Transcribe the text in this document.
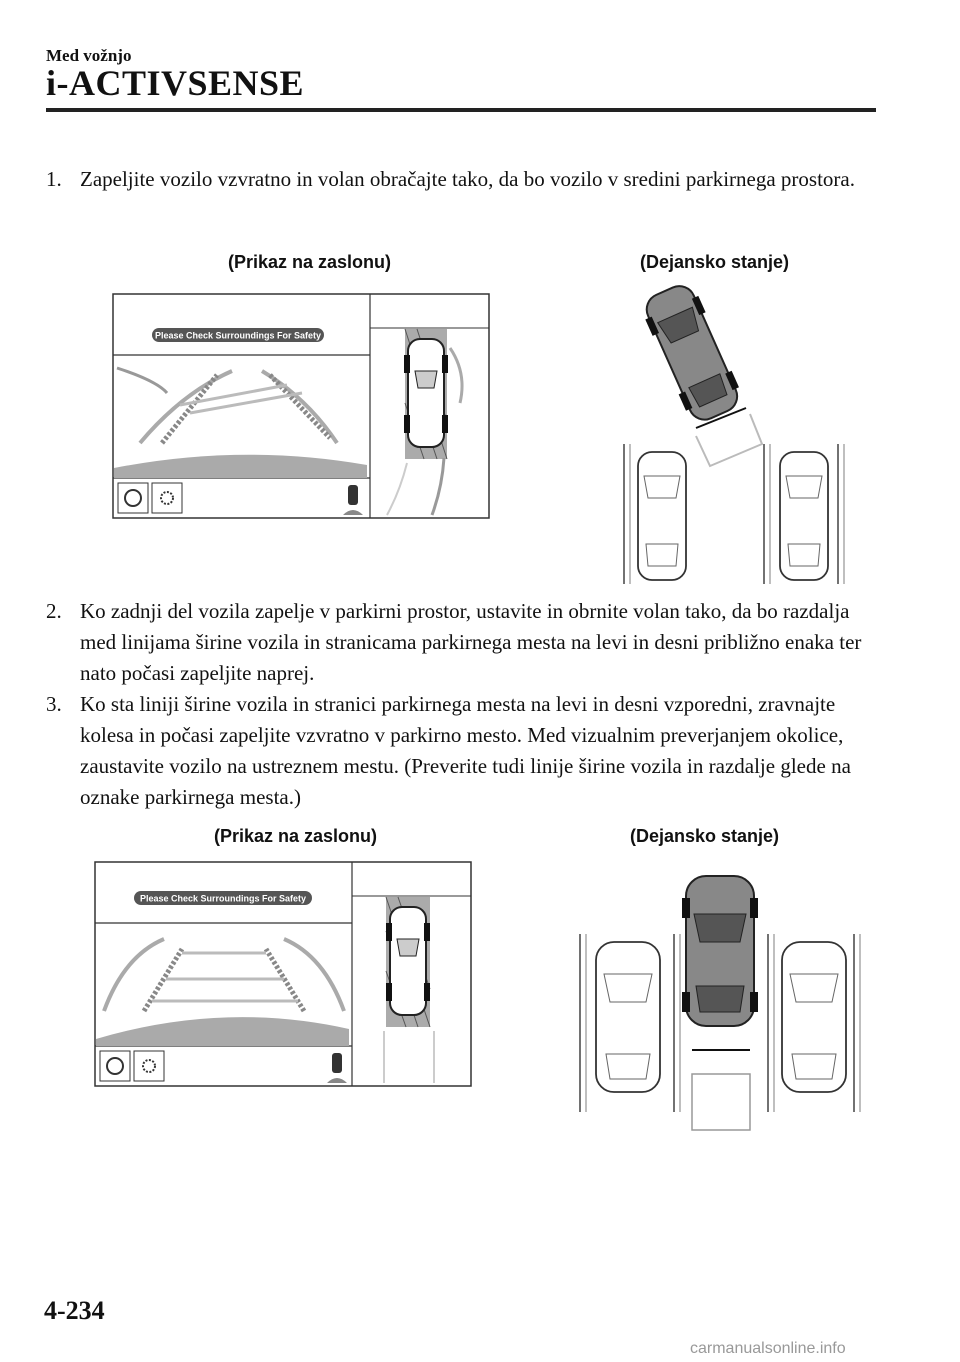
Med vožnjo
i-ACTIVSENSE
1. Zapeljite vozilo vzvratno in volan obračajte tako, da bo vozilo v sredini parkirnega prostora.
(Prikaz na zaslonu)	(Dejansko stanje)
Please Check Surroundings For Safety
2. Ko zadnji del vozila zapelje v parkirni prostor, ustavite in obrnite volan tako, da bo razdalja med linijama širine vozila in stranicama parkirnega mesta na levi in desni približno enaka ter nato počasi zapeljite naprej.
3. Ko sta liniji širine vozila in stranici parkirnega mesta na levi in desni vzporedni, zravnajte kolesa in počasi zapeljite vzvratno v parkirno mesto. Med vizualnim preverjanjem okolice, zaustavite vozilo na ustreznem mestu. (Preverite tudi linije širine vozila in razdalje glede na oznake parkirnega mesta.)
(Prikaz na zaslonu)	(Dejansko stanje)
Please Check Surroundings For Safety
4-234
carmanualsonline.info
